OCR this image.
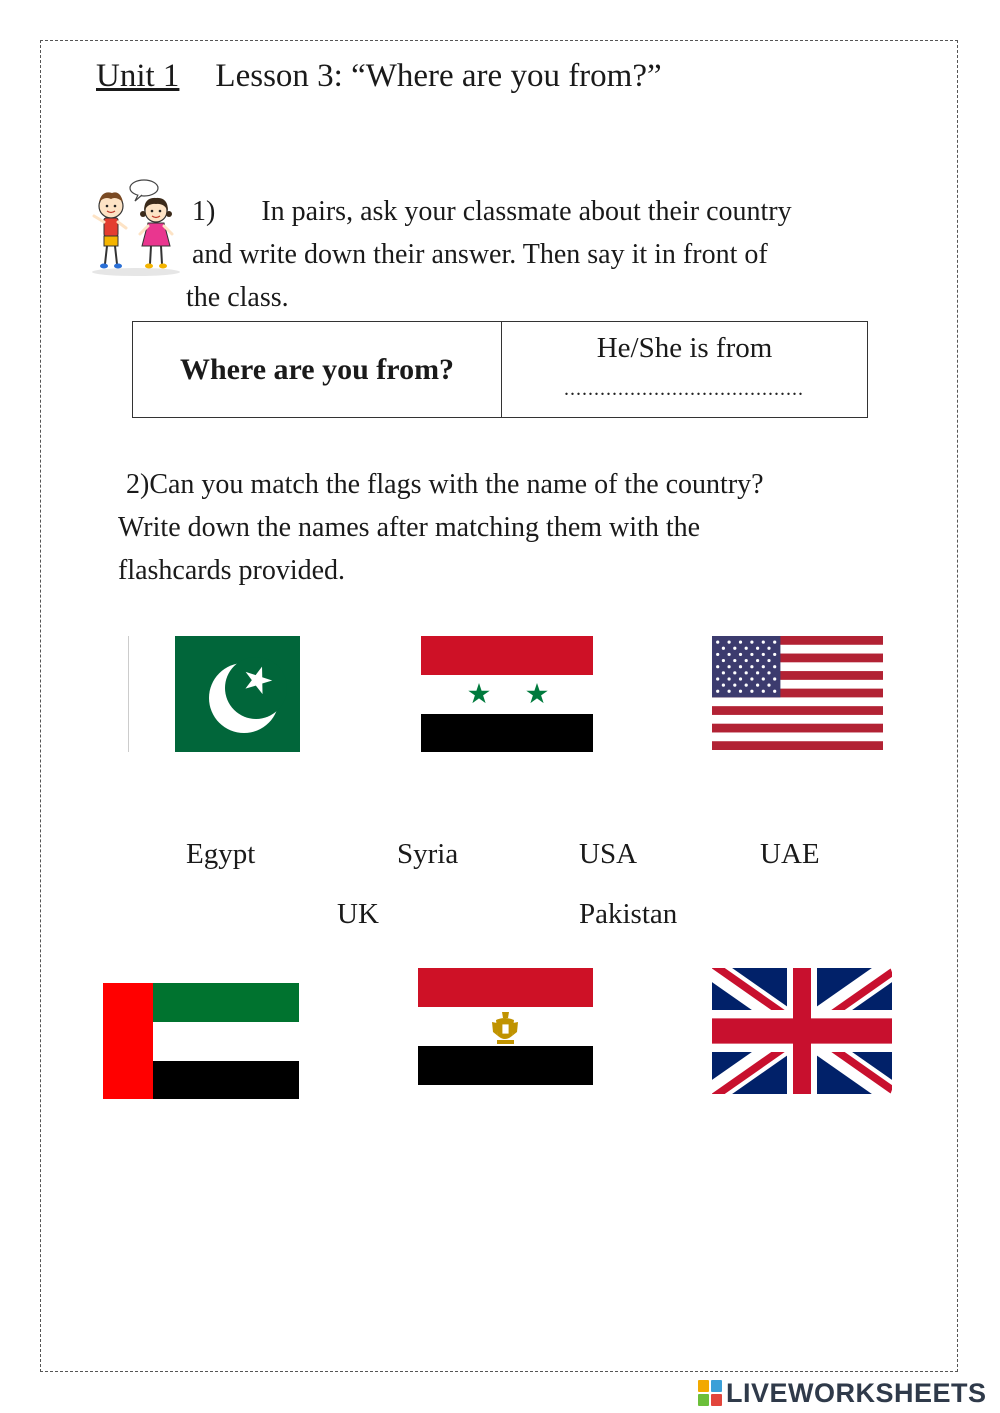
Unit 1 Lesson 3: “Where are you from?”
1) In pairs, ask your classmate about their country
and write down their answer. Then say it in front of
the class.
Where are you from?
He/She is from
........................................
2)Can you match the flags with the name of the country?
Write down the names after matching them with the
flashcards provided.
Egypt	Syria	USA	UAE
UK	Pakistan
LIVEWORKSHEETS
